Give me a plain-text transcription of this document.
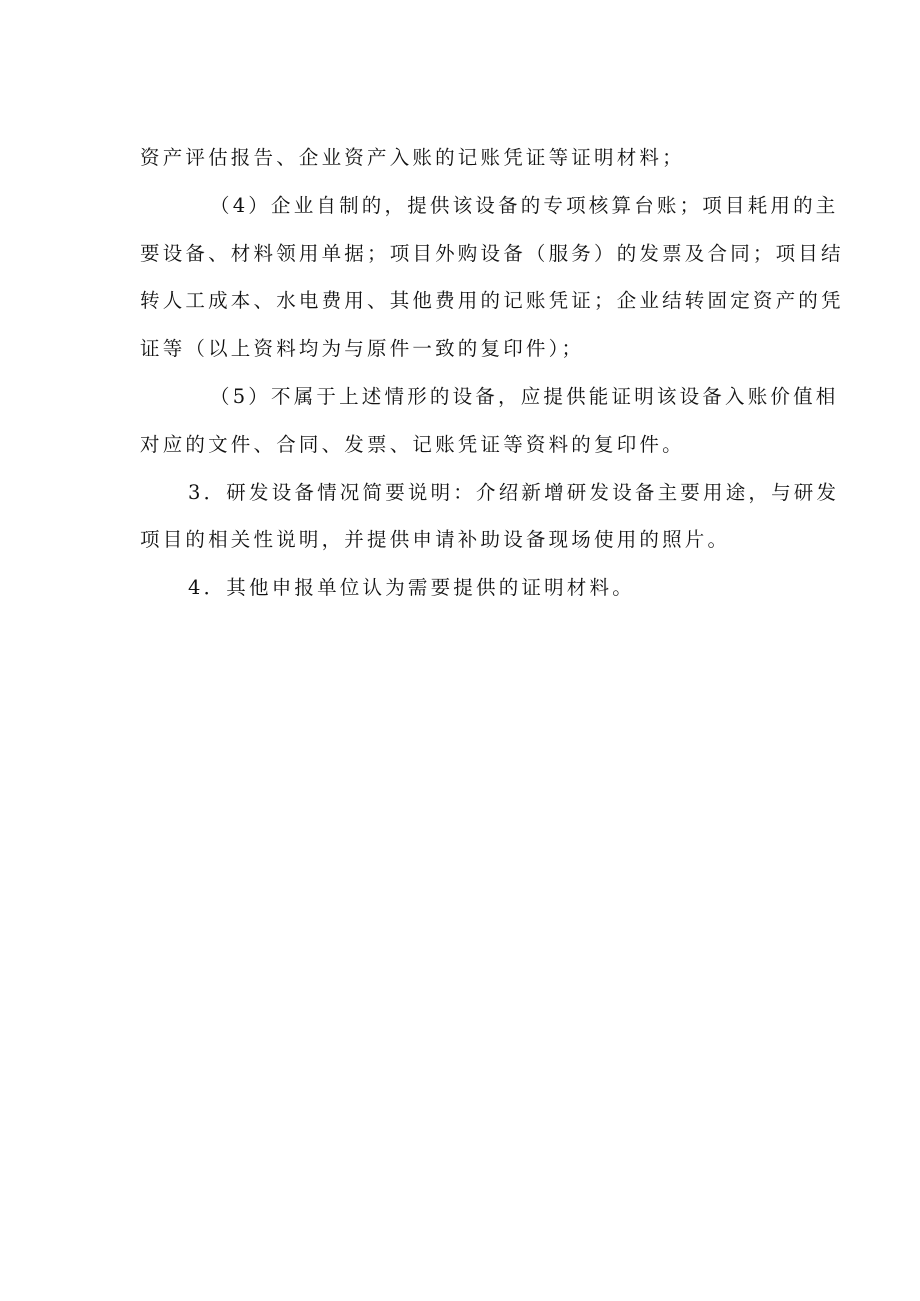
资产评估报告、企业资产入账的记账凭证等证明材料；
（4）企业自制的，提供该设备的专项核算台账；项目耗用的主
要设备、材料领用单据；项目外购设备（服务）的发票及合同；项目结
转人工成本、水电费用、其他费用的记账凭证；企业结转固定资产的凭
证等（以上资料均为与原件一致的复印件）；
（5）不属于上述情形的设备，应提供能证明该设备入账价值相
对应的文件、合同、发票、记账凭证等资料的复印件。
3．研发设备情况简要说明：介绍新增研发设备主要用途，与研发
项目的相关性说明，并提供申请补助设备现场使用的照片。
4．其他申报单位认为需要提供的证明材料。
